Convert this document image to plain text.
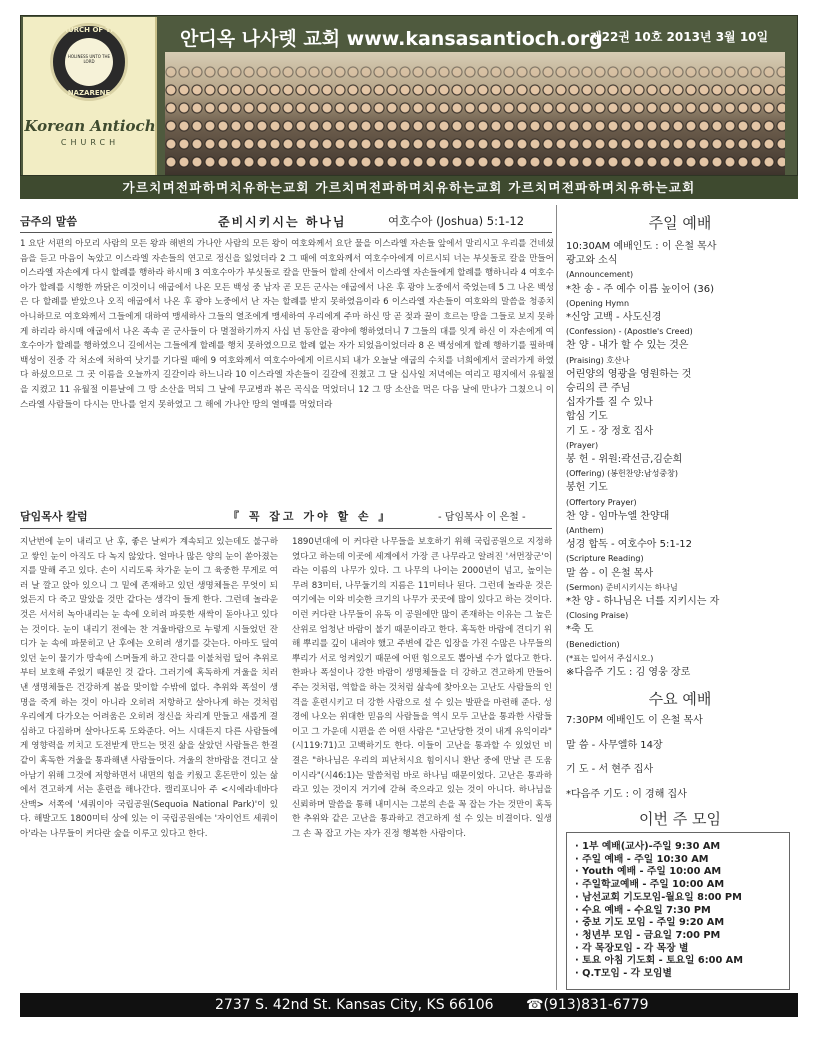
CHURCH OF THE
HOLINESS UNTO THE LORD
NAZARENE
Korean Antioch
CHURCH
안디옥 나사렛 교회 www.kansasantioch.org
제22권 10호 2013년 3월 10일
가르치며전파하며치유하는교회 가르치며전파하며치유하는교회 가르치며전파하며치유하는교회
금주의 말씀	준비시키시는 하나님	여호수아 (Joshua) 5:1-12
1 요단 서편의 아모리 사람의 모든 왕과 해변의 가나안 사람의 모든 왕이 여호와께서 요단 물을 이스라엘 자손들 앞에서 말리시고 우리를 건네셨음을 듣고 마음이 녹았고 이스라엘 자손들의 연고로 정신을 잃었더라 2 그 때에 여호와께서 여호수아에게 이르시되 너는 부싯돌로 칼을 만들어 이스라엘 자손에게 다시 할례를 행하라 하시매 3 여호수아가 부싯돌로 칼을 만들어 할례 산에서 이스라엘 자손들에게 할례를 행하니라 4 여호수아가 할례를 시행한 까닭은 이것이니 애굽에서 나온 모든 백성 중 남자 곧 모든 군사는 애굽에서 나온 후 광야 노중에서 죽었는데 5 그 나온 백성은 다 할례를 받았으나 오직 애굽에서 나온 후 광야 노중에서 난 자는 할례를 받지 못하였음이라 6 이스라엘 자손들이 여호와의 말씀을 청종치 아니하므로 여호와께서 그들에게 대하여 맹세하사 그들의 열조에게 맹세하여 우리에게 주마 하신 땅 곧 젖과 꿀이 흐르는 땅을 그들로 보지 못하게 하리라 하시매 애굽에서 나온 족속 곧 군사들이 다 멸절하기까지 사십 년 동안을 광야에 행하였더니 7 그들의 대를 잇게 하신 이 자손에게 여호수아가 할례를 행하였으니 길에서는 그들에게 할례를 행치 못하였으므로 할례 없는 자가 되었음이었더라 8 온 백성에게 할례 행하기를 필하매 백성이 진중 각 처소에 처하여 낫기를 기다릴 때에 9 여호와께서 여호수아에게 이르시되 내가 오늘날 애굽의 수치를 너희에게서 굴러가게 하였다 하셨으므로 그 곳 이름을 오늘까지 길갈이라 하느니라 10 이스라엘 자손들이 길갈에 진쳤고 그 달 십사일 저녁에는 여리고 평지에서 유월절을 지켰고 11 유월절 이튿날에 그 땅 소산을 먹되 그 날에 무교병과 볶은 곡식을 먹었더니 12 그 땅 소산을 먹은 다음 날에 만나가 그쳤으니 이스라엘 사람들이 다시는 만나를 얻지 못하였고 그 해에 가나안 땅의 열매를 먹었더라
담임목사 칼럼	『 꼭 잡고 가야 할 손 』	- 담임목사 이 은철 -
지난번에 눈이 내리고 난 후, 좋은 날씨가 계속되고 있는데도 불구하고 쌓인 눈이 아직도 다 녹지 않았다. 얼마나 많은 양의 눈이 쏟아졌는지를 말해 주고 있다. 손이 시리도록 차가운 눈이 그 육중한 무게로 여러 날 깔고 앉아 있으니 그 밑에 존재하고 있던 생명체들은 무엇이 되었든지 다 죽고 말았을 것만 같다는 생각이 들게 한다. 그런데 놀라운 것은 서서히 녹아내리는 눈 속에 오히려 파릇한 새싹이 돋아나고 있다는 것이다. 눈이 내리기 전에는 찬 겨울바람으로 누렇게 시들었던 잔디가 눈 속에 파묻히고 난 후에는 오히려 생기를 갖는다. 아마도 덮여 있던 눈이 물기가 땅속에 스며들게 하고 잔디를 이불처럼 덮어 추위로부터 보호해 주었기 때문인 것 같다. 그러기에 혹독하게 겨울을 치러낸 생명체들은 건강하게 봄을 맞이할 수밖에 없다. 추위와 폭설이 생명을 죽게 하는 것이 아니라 오히려 저항하고 살아나게 하는 것처럼 우리에게 다가오는 어려움은 오히려 정신을 차리게 만들고 새롭게 결심하고 다짐하며 살아나도록 도와준다. 어느 시대든지 다른 사람들에게 영향력을 끼치고 도전받게 만드는 멋진 삶을 살았던 사람들은 한결같이 혹독한 겨울을 통과해낸 사람들이다. 겨울의 찬바람을 견디고 살아남기 위해 그것에 저항하면서 내면의 힘을 키웠고 혼돈만이 있는 삶에서 견고하게 서는 훈련을 해나간다. 캘리포니아 주 <시에라네바다 산맥> 서쪽에 '세쿼이아 국립공원(Sequoia National Park)'이 있다. 해발고도 1800미터 상에 있는 이 국립공원에는 '자이언트 세쿼이아'라는 나무들이 커다란 숲을 이루고 있다고 한다.
1890년대에 이 커다란 나무들을 보호하기 위해 국립공원으로 지정하였다고 하는데 이곳에 세계에서 가장 큰 나무라고 알려진 '셔먼장군'이라는 이름의 나무가 있다. 그 나무의 나이는 2000년이 넘고, 높이는 무려 83미터, 나무둘기의 지름은 11미터나 된다. 그런데 놀라운 것은 여기에는 이와 비슷한 크기의 나무가 곳곳에 많이 있다고 하는 것이다. 이런 커다란 나무들이 유독 이 공원에만 많이 존재하는 이유는 그 높은 산위로 엄청난 바람이 불기 때문이라고 한다. 혹독한 바람에 견디기 위해 뿌리를 깊이 내려야 했고 주변에 같은 입장을 가진 수많은 나무들의 뿌리가 서로 엉켜있기 때문에 어떤 힘으로도 뽑아낼 수가 없다고 한다. 한파나 폭설이나 강한 바람이 생명체들을 더 강하고 견고하게 만들어주는 것처럼, 역할을 하는 것처럼 삶속에 찾아오는 고난도 사람들의 인격을 훈련시키고 더 강한 사람으로 설 수 있는 발판을 마련해 준다. 성경에 나오는 위대한 믿음의 사람들을 역시 모두 고난을 통과한 사람들이고 그 가운데 시편을 쓴 어떤 사람은 "고난당한 것이 내게 유익이라"(시119:71)고 고백하기도 한다. 이들이 고난을 통과할 수 있었던 비결은 "하나님은 우리의 피난처시요 힘이시니 환난 중에 만날 큰 도움이시라"(시46:1)는 말씀처럼 바로 하나님 때문이었다. 고난은 통과하라고 있는 것이지 거기에 갇혀 죽으라고 있는 것이 아니다. 하나님을 신뢰하며 말씀을 통해 내미시는 그분의 손을 꼭 잡는 가는 것만이 혹독한 추위와 같은 고난을 통과하고 견고하게 설 수 있는 비결이다. 일생 그 손 꼭 잡고 가는 자가 진정 행복한 사람이다.
주일 예배
10:30AM 예배인도 : 이 은철 목사
광고와 소식
(Announcement)
*찬 송 - 주 예수 이름 높이어 (36)
(Opening Hymn
*신앙 고백 - 사도신경
(Confession) - (Apostle's Creed)
찬 양 - 내가 할 수 있는 것은
(Praising) 호산나
어린양의 영광을 영원하는 것
승리의 큰 주님
십자가를 질 수 있나
합심 기도
기 도 - 장 정호 집사
(Prayer)
봉 헌 - 위원:곽선금,김순희
(Offering) (봉헌찬양:남성중창)
봉헌 기도
(Offertory Prayer)
찬 양 - 임마누엘 찬양대
(Anthem)
성경 합독 - 여호수아 5:1-12
(Scripture Reading)
말 씀 - 이 은철 목사
(Sermon) 준비시키시는 하나님
*찬 양 - 하나님은 너를 지키시는 자
(Closing Praise)
*축 도
(Benediction)
(*표는 일어서 주십시오.)
※다음주 기도 : 김 영웅 장로
수요 예배
7:30PM 예배인도 이 은철 목사
말 씀 - 사무엘하 14장
기 도 - 서 현주 집사
*다음주 기도 : 이 경해 집사
이번 주 모임
· 1부 예배(교사)-주일 9:30 AM
· 주일 예배 - 주일 10:30 AM
· Youth 예배 - 주일 10:00 AM
· 주일학교예배 - 주일 10:00 AM
· 남선교회 기도모임-월요일 8:00 PM
· 수요 예배 - 수요일 7:30 PM
· 중보 기도 모임 - 주일 9:20 AM
· 청년부 모임 - 금요일 7:00 PM
· 각 목장모임 - 각 목장 별
· 토요 아침 기도회 - 토요일 6:00 AM
· Q.T모임 - 각 모임별
2737 S. 42nd St. Kansas City, KS 66106 ☎(913)831-6779
